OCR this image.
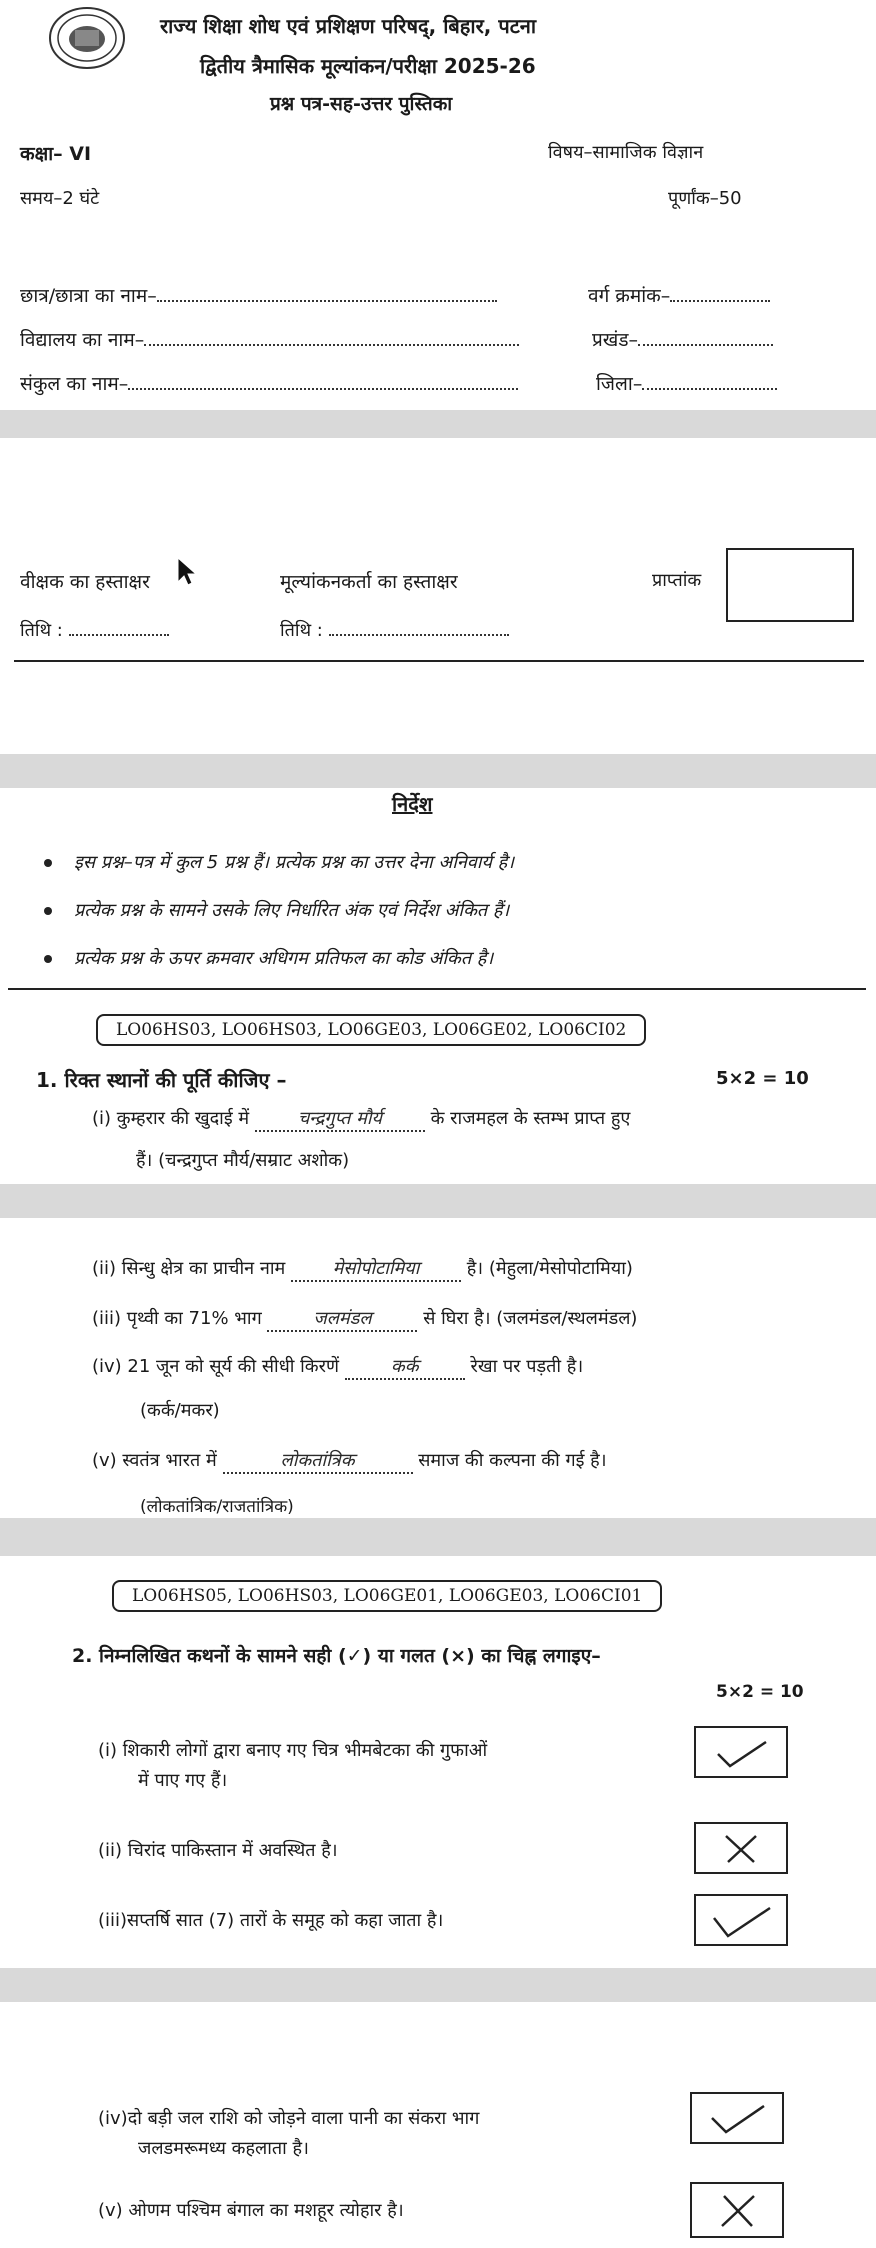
राज्य शिक्षा शोध एवं प्रशिक्षण परिषद्, बिहार, पटना
द्वितीय त्रैमासिक मूल्यांकन/परीक्षा 2025-26
प्रश्न पत्र-सह-उत्तर पुस्तिका
कक्षा– VI	विषय–सामाजिक विज्ञान
समय–2 घंटे	पूर्णांक–50
छात्र/छात्रा का नाम–	वर्ग क्रमांक–
विद्यालय का नाम–	प्रखंड–
संकुल का नाम–	जिला–
वीक्षक का हस्ताक्षर	मूल्यांकनकर्ता का हस्ताक्षर	प्राप्तांक
तिथि :	तिथि :
निर्देश
इस प्रश्न–पत्र में कुल 5 प्रश्न हैं। प्रत्येक प्रश्न का उत्तर देना अनिवार्य है।
प्रत्येक प्रश्न के सामने उसके लिए निर्धारित अंक एवं निर्देश अंकित हैं।
प्रत्येक प्रश्न के ऊपर क्रमवार अधिगम प्रतिफल का कोड अंकित है।
LO06HS03, LO06HS03, LO06GE03, LO06GE02, LO06CI02
1. रिक्त स्थानों की पूर्ति कीजिए –	5×2 = 10
(i) कुम्हरार की खुदाई में	चन्द्रगुप्त मौर्य	के राजमहल के स्तम्भ प्राप्त हुए
हैं। (चन्द्रगुप्त मौर्य/सम्राट अशोक)
(ii) सिन्धु क्षेत्र का प्राचीन नाम	मेसोपोटामिया	है। (मेहुला/मेसोपोटामिया)
(iii) पृथ्वी का 71% भाग	जलमंडल	से घिरा है। (जलमंडल/स्थलमंडल)
(iv) 21 जून को सूर्य की सीधी किरणें	कर्क	रेखा पर पड़ती है।
(कर्क/मकर)
(v) स्वतंत्र भारत में	लोकतांत्रिक	समाज की कल्पना की गई है।
(लोकतांत्रिक/राजतांत्रिक)
LO06HS05, LO06HS03, LO06GE01, LO06GE03, LO06CI01
2. निम्नलिखित कथनों के सामने सही (✓) या गलत (×) का चिह्न लगाइए–
5×2 = 10
(i) शिकारी लोगों द्वारा बनाए गए चित्र भीमबेटका की गुफाओं
में पाए गए हैं।
(ii) चिरांद पाकिस्तान में अवस्थित है।
(iii)सप्तर्षि सात (7) तारों के समूह को कहा जाता है।
(iv)दो बड़ी जल राशि को जोड़ने वाला पानी का संकरा भाग
जलडमरूमध्य कहलाता है।
(v) ओणम पश्चिम बंगाल का मशहूर त्योहार है।
